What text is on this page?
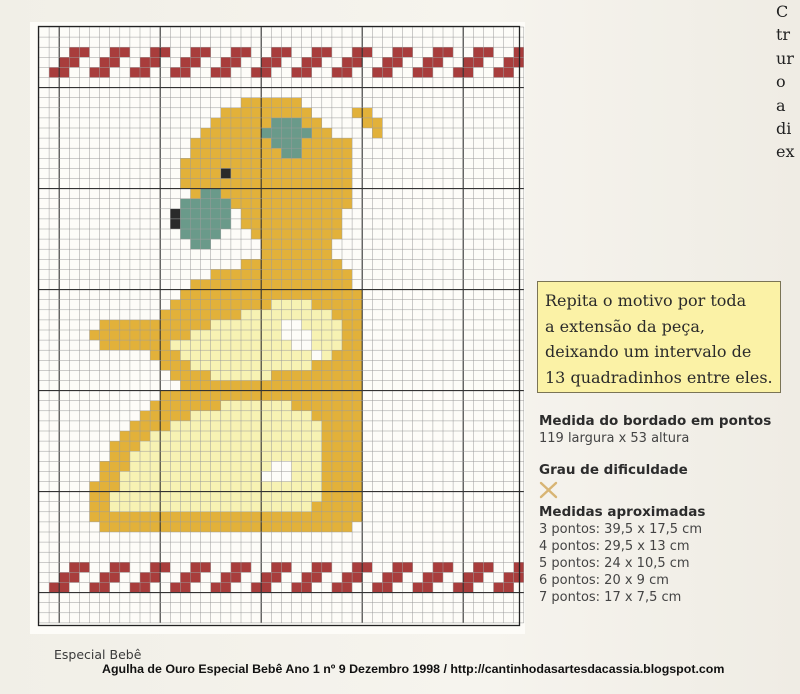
C
tr
ur
o
a
di
ex
Repita o motivo por toda
a extensão da peça,
deixando um intervalo de
13 quadradinhos entre eles.
Medida do bordado em pontos
119 largura x 53 altura
Grau de dificuldade
Medidas aproximadas
3 pontos: 39,5 x 17,5 cm
4 pontos: 29,5 x 13 cm
5 pontos: 24 x 10,5 cm
6 pontos: 20 x 9 cm
7 pontos: 17 x 7,5 cm
Especial Bebê
Agulha de Ouro Especial Bebê Ano 1 nº 9 Dezembro 1998 / http://cantinhodasartesdacassia.blogspot.com
